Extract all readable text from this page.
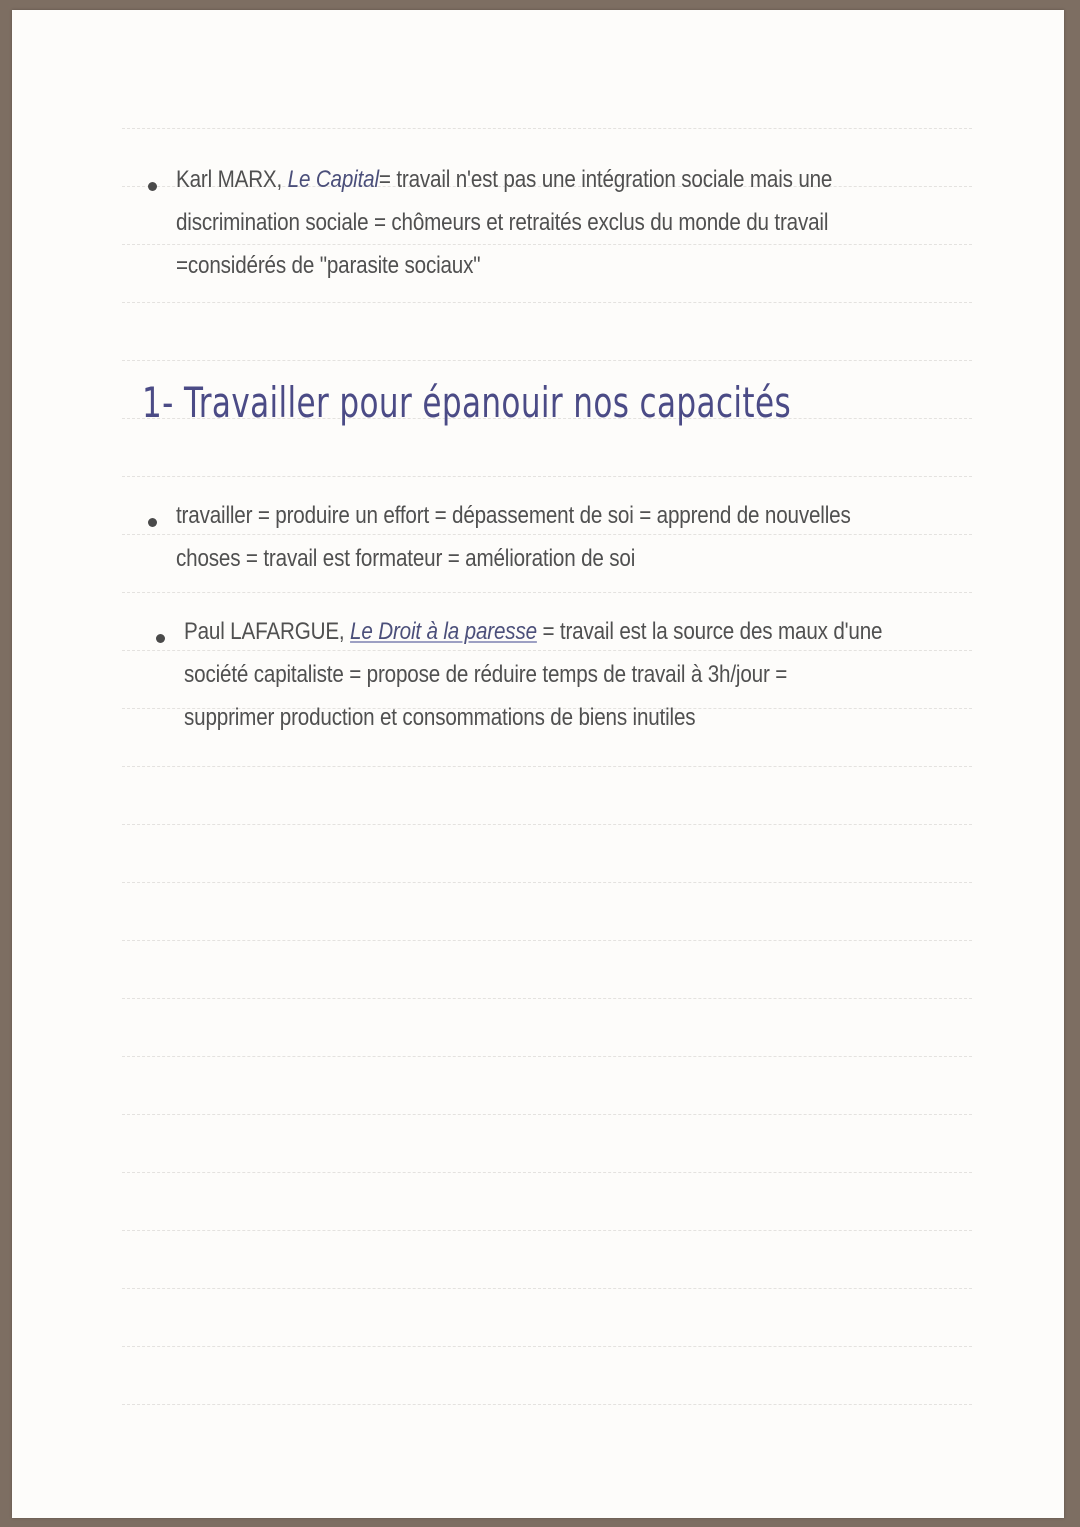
Karl MARX, Le Capital= travail n'est pas une intégration sociale mais une
discrimination sociale = chômeurs et retraités exclus du monde du travail
=considérés de "parasite sociaux"
1- Travailler pour épanouir nos capacités
travailler = produire un effort = dépassement de soi = apprend de nouvelles
choses = travail est formateur = amélioration de soi
Paul LAFARGUE, Le Droit à la paresse = travail est la source des maux d'une
société capitaliste = propose de réduire temps de travail à 3h/jour =
supprimer production et consommations de biens inutiles
